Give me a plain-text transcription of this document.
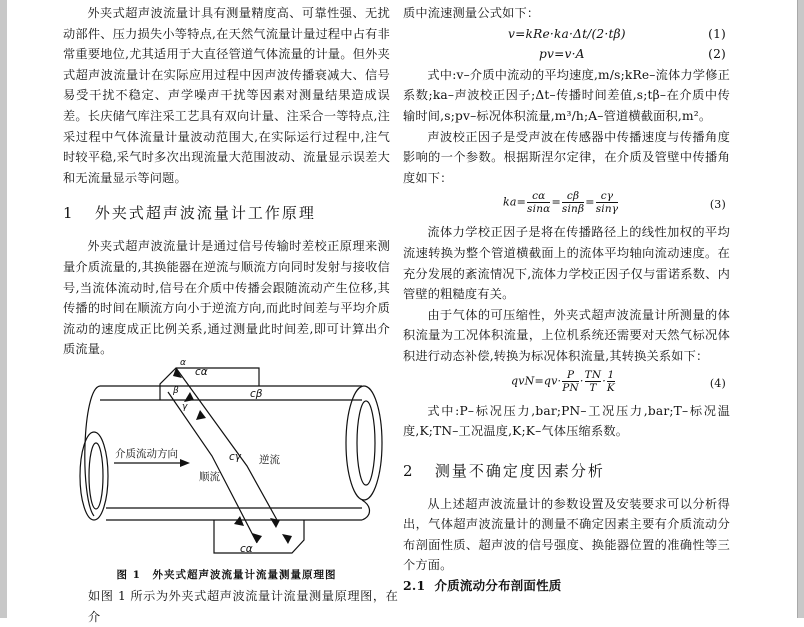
外夹式超声波流量计具有测量精度高、可靠性强、无扰动部件、压力损失小等特点,在天然气流量计量过程中占有非常重要地位,尤其适用于大直径管道气体流量的计量。但外夹式超声波流量计在实际应用过程中因声波传播衰减大、信号易受干扰不稳定、声学噪声干扰等因素对测量结果造成误差。长庆储气库注采工艺具有双向计量、注采合一等特点,注采过程中气体流量计量波动范围大,在实际运行过程中,注气时较平稳,采气时多次出现流量大范围波动、流量显示误差大和无流量显示等问题。

1 外夹式超声波流量计工作原理

外夹式超声波流量计是通过信号传输时差校正原理来测量介质流量的,其换能器在逆流与顺流方向同时发射与接收信号,当流体流动时,信号在介质中传播会跟随流动产生位移,其传播的时间在顺流方向小于逆流方向,而此时间差与平均介质流动的速度成正比例关系,通过测量此时间差,即可计算出介质流量。

cα
cβ
α
β
γ
介质流动方向
顺流
逆流
cγ
cα
图 1　外夹式超声波流量计流量测量原理图

如图 1 所示为外夹式超声波流量计流量测量原理图，在介

质中流速测量公式如下：

v=kRe·ka·Δt/(2·tβ)	(1)
pv=v·A	(2)

式中:v–介质中流动的平均速度,m/s;kRe–流体力学修正系数;ka–声波校正因子;Δt–传播时间差值,s;tβ–在介质中传输时间,s;pv–标况体积流量,m³/h;A–管道横截面积,m²。

声波校正因子是受声波在传感器中传播速度与传播角度影响的一个参数。根据斯涅尔定律，在介质及管壁中传播角度如下：

$ka= \frac{c\alpha}{\sin\alpha} = \frac{c\beta}{\sin\beta} = \frac{c\gamma}{\sin\gamma}$	(3)

流体力学校正因子是将在传播路径上的线性加权的平均流速转换为整个管道横截面上的流体平均轴向流动速度。在充分发展的紊流情况下,流体力学校正因子仅与雷诺系数、内管壁的粗糙度有关。

由于气体的可压缩性，外夹式超声波流量计所测量的体积流量为工况体积流量，上位机系统还需要对天然气标况体积进行动态补偿,转换为标况体积流量,其转换关系如下：

$qvN=qv\cdot \frac{P}{PN} \cdot \frac{TN}{T} \cdot \frac{1}{K}$	(4)

式中:P–标况压力,bar;PN–工况压力,bar;T–标况温度,K;TN–工况温度,K;K–气体压缩系数。

2 测量不确定度因素分析

从上述超声波流量计的参数设置及安装要求可以分析得出，气体超声波流量计的测量不确定因素主要有介质流动分布剖面性质、超声波的信号强度、换能器位置的准确性等三个方面。

2.1 介质流动分布剖面性质
